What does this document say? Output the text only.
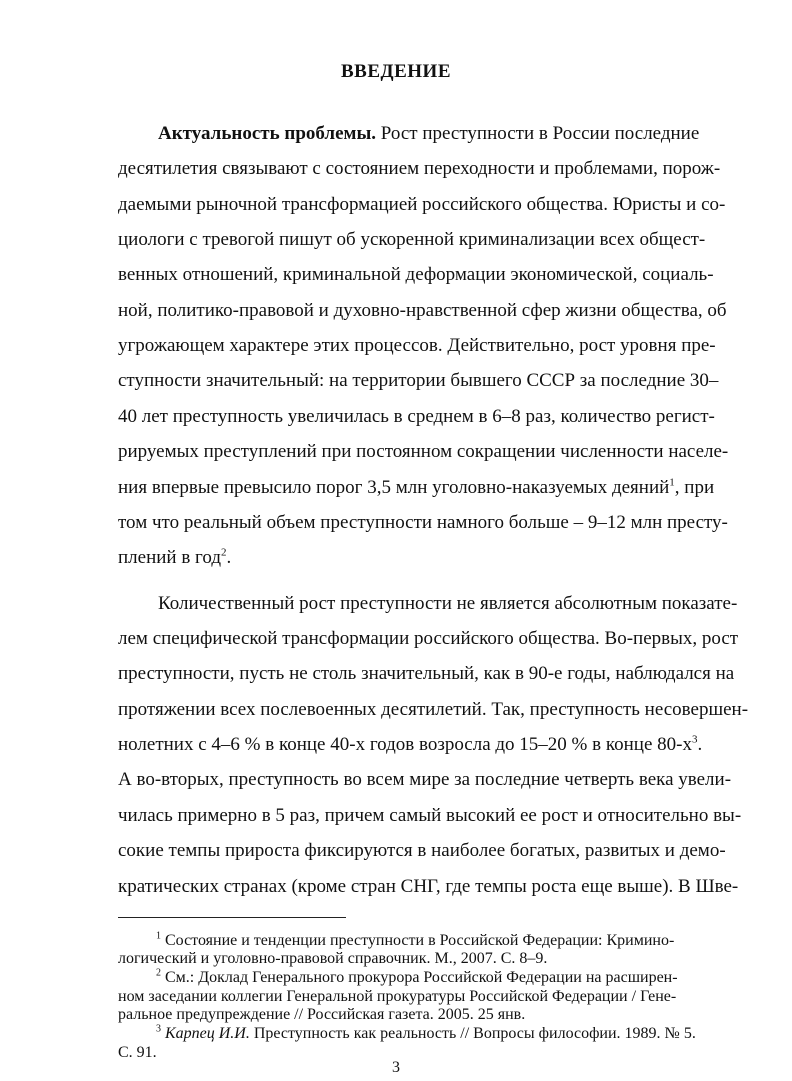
ВВЕДЕНИЕ
Актуальность проблемы. Рост преступности в России последние
десятилетия связывают с состоянием переходности и проблемами, порож-
даемыми рыночной трансформацией российского общества. Юристы и со-
циологи с тревогой пишут об ускоренной криминализации всех общест-
венных отношений, криминальной деформации экономической, социаль-
ной, политико-правовой и духовно-нравственной сфер жизни общества, об
угрожающем характере этих процессов. Действительно, рост уровня пре-
ступности значительный: на территории бывшего СССР за последние 30–
40 лет преступность увеличилась в среднем в 6–8 раз, количество регист-
рируемых преступлений при постоянном сокращении численности населе-
ния впервые превысило порог 3,5 млн уголовно-наказуемых деяний$^1$, при
том что реальный объем преступности намного больше – 9–12 млн престу-
плений в год$^2$.
Количественный рост преступности не является абсолютным показате-
лем специфической трансформации российского общества. Во-первых, рост
преступности, пусть не столь значительный, как в 90-е годы, наблюдался на
протяжении всех послевоенных десятилетий. Так, преступность несовершен-
нолетних с 4–6 % в конце 40-х годов возросла до 15–20 % в конце $80-х^3$.
А во-вторых, преступность во всем мире за последние четверть века увели-
чилась примерно в 5 раз, причем самый высокий ее рост и относительно вы-
сокие темпы прироста фиксируются в наиболее богатых, развитых и демо-
кратических странах (кроме стран СНГ, где темпы роста еще выше). В Шве-
$^1$ Состояние и тенденции преступности в Российской Федерации: Кримино-
логический и уголовно-правовой справочник. М., 2007. С. 8–9.
$^2$ См.: Доклад Генерального прокурора Российской Федерации на расширен-
ном заседании коллегии Генеральной прокуратуры Российской Федерации / Гене-
ральное предупреждение // Российская газета. 2005. 25 янв.
$^3$ Карпец И.И. Преступность как реальность // Вопросы философии. 1989. № 5.
С. 91.
3
